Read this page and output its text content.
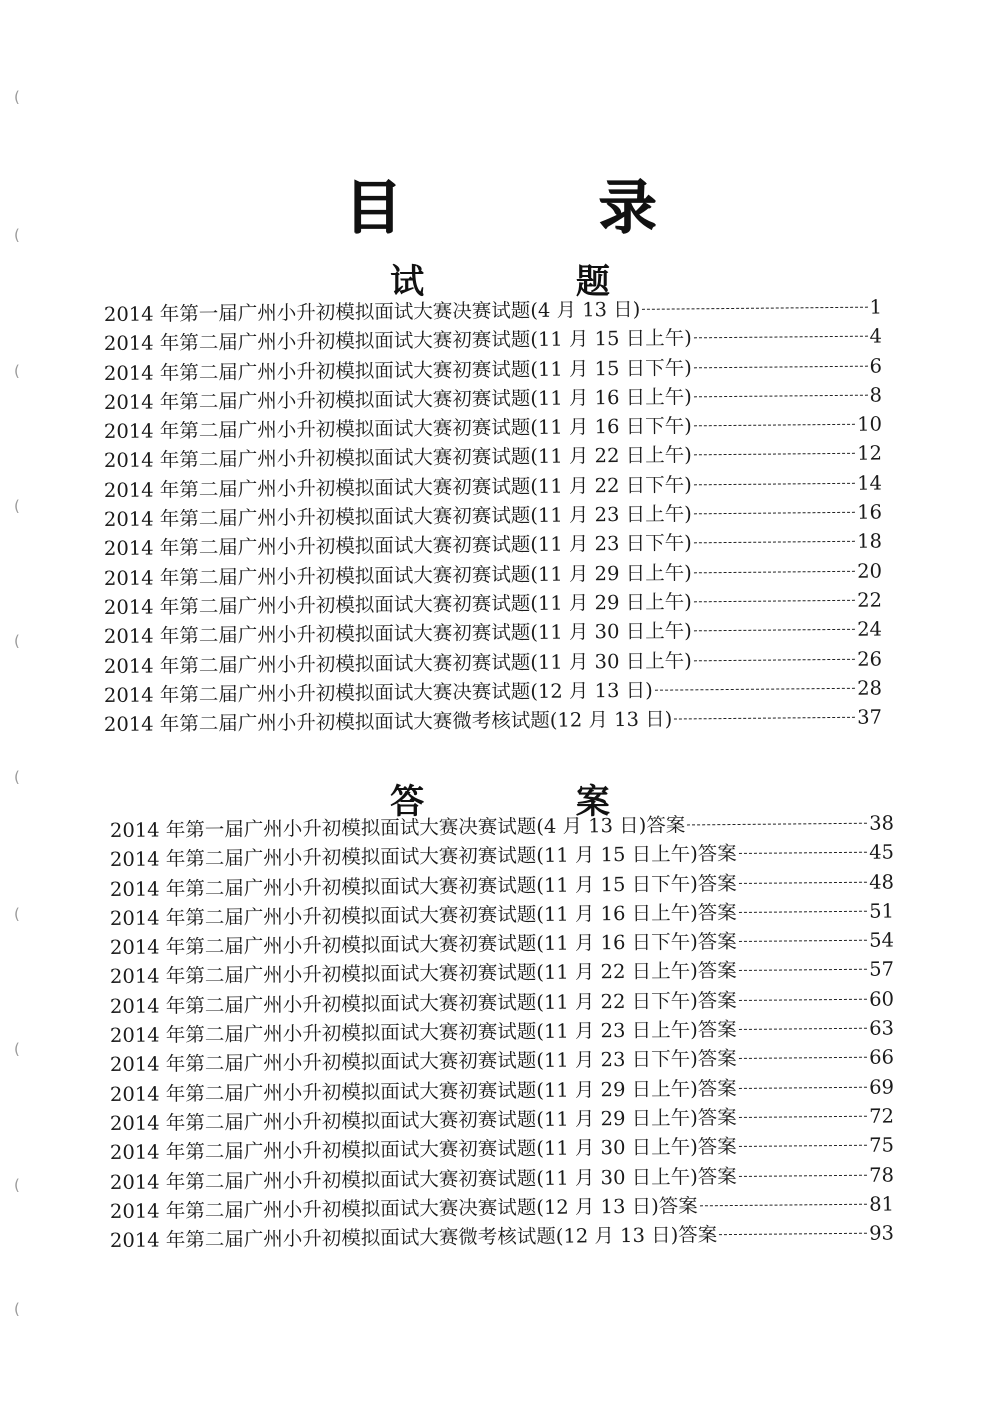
(
(
(
(
(
(
(
(
(
(
目 录
试 题
2014 年第一届广州小升初模拟面试大赛决赛试题(4 月 13 日)	1
2014 年第二届广州小升初模拟面试大赛初赛试题(11 月 15 日上午)	4
2014 年第二届广州小升初模拟面试大赛初赛试题(11 月 15 日下午)	6
2014 年第二届广州小升初模拟面试大赛初赛试题(11 月 16 日上午)	8
2014 年第二届广州小升初模拟面试大赛初赛试题(11 月 16 日下午)	10
2014 年第二届广州小升初模拟面试大赛初赛试题(11 月 22 日上午)	12
2014 年第二届广州小升初模拟面试大赛初赛试题(11 月 22 日下午)	14
2014 年第二届广州小升初模拟面试大赛初赛试题(11 月 23 日上午)	16
2014 年第二届广州小升初模拟面试大赛初赛试题(11 月 23 日下午)	18
2014 年第二届广州小升初模拟面试大赛初赛试题(11 月 29 日上午)	20
2014 年第二届广州小升初模拟面试大赛初赛试题(11 月 29 日上午)	22
2014 年第二届广州小升初模拟面试大赛初赛试题(11 月 30 日上午)	24
2014 年第二届广州小升初模拟面试大赛初赛试题(11 月 30 日上午)	26
2014 年第二届广州小升初模拟面试大赛决赛试题(12 月 13 日)	28
2014 年第二届广州小升初模拟面试大赛微考核试题(12 月 13 日)	37
答 案
2014 年第一届广州小升初模拟面试大赛决赛试题(4 月 13 日)答案	38
2014 年第二届广州小升初模拟面试大赛初赛试题(11 月 15 日上午)答案	45
2014 年第二届广州小升初模拟面试大赛初赛试题(11 月 15 日下午)答案	48
2014 年第二届广州小升初模拟面试大赛初赛试题(11 月 16 日上午)答案	51
2014 年第二届广州小升初模拟面试大赛初赛试题(11 月 16 日下午)答案	54
2014 年第二届广州小升初模拟面试大赛初赛试题(11 月 22 日上午)答案	57
2014 年第二届广州小升初模拟面试大赛初赛试题(11 月 22 日下午)答案	60
2014 年第二届广州小升初模拟面试大赛初赛试题(11 月 23 日上午)答案	63
2014 年第二届广州小升初模拟面试大赛初赛试题(11 月 23 日下午)答案	66
2014 年第二届广州小升初模拟面试大赛初赛试题(11 月 29 日上午)答案	69
2014 年第二届广州小升初模拟面试大赛初赛试题(11 月 29 日上午)答案	72
2014 年第二届广州小升初模拟面试大赛初赛试题(11 月 30 日上午)答案	75
2014 年第二届广州小升初模拟面试大赛初赛试题(11 月 30 日上午)答案	78
2014 年第二届广州小升初模拟面试大赛决赛试题(12 月 13 日)答案	81
2014 年第二届广州小升初模拟面试大赛微考核试题(12 月 13 日)答案	93
